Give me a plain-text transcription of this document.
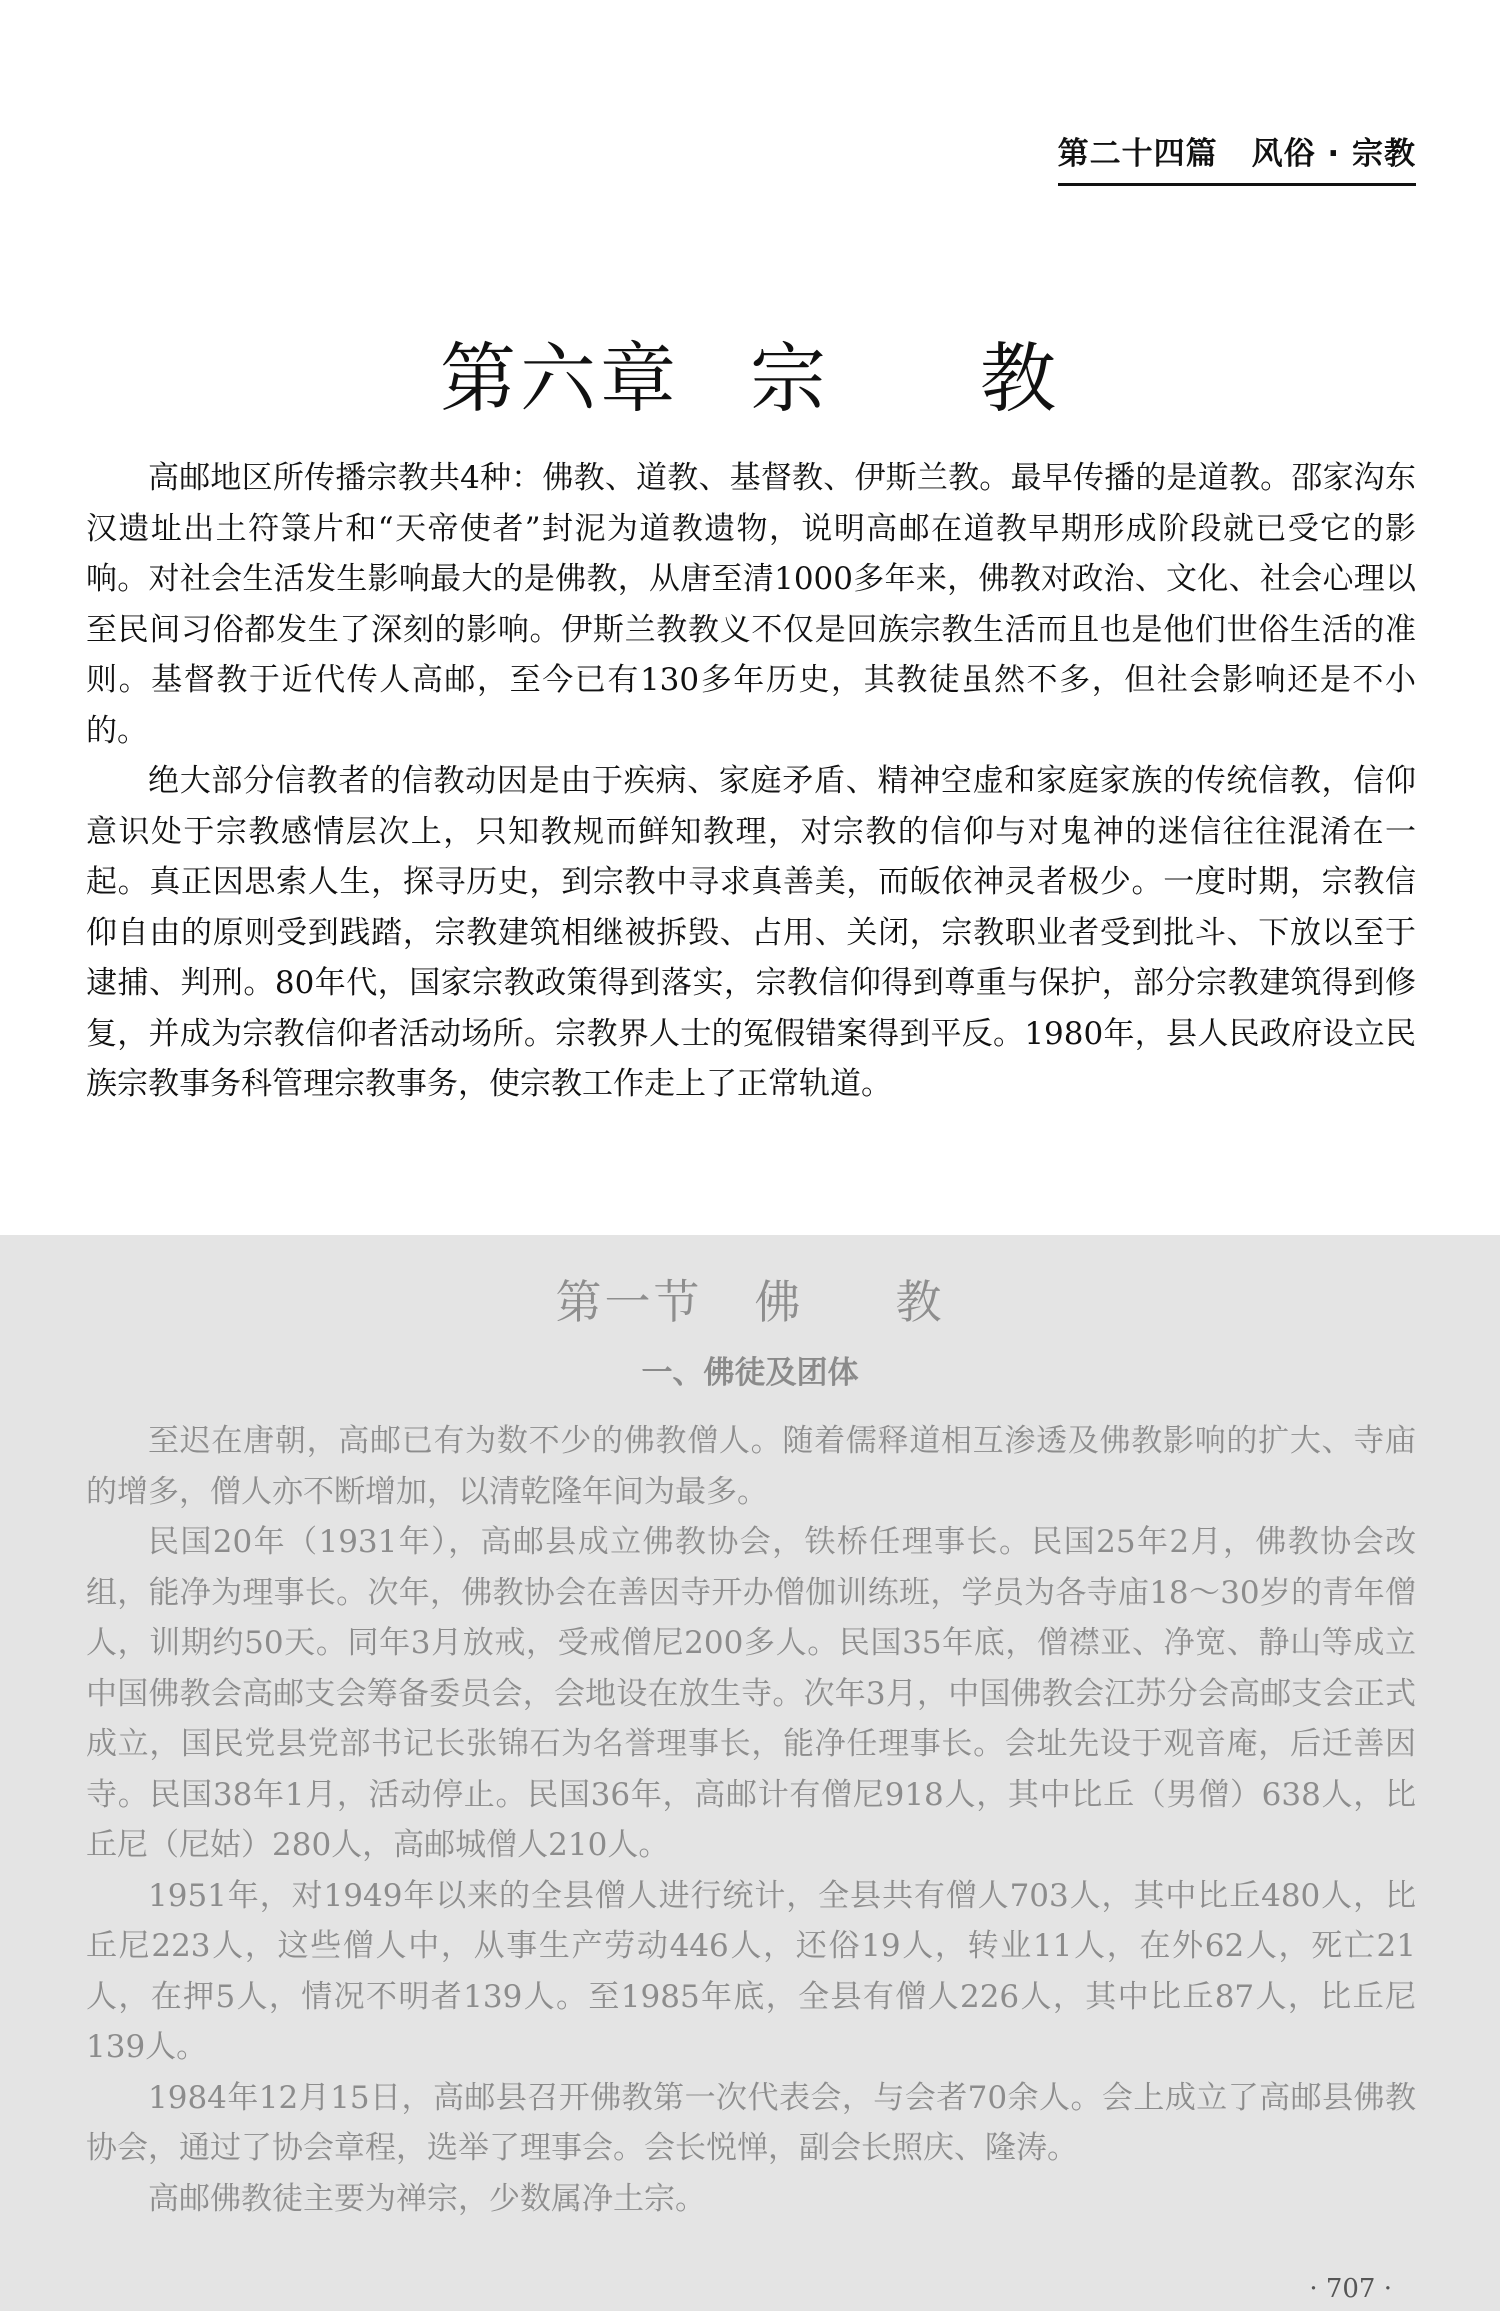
第二十四篇 风俗 · 宗教
第六章 宗 教

高邮地区所传播宗教共4种：佛教、道教、基督教、伊斯兰教。最早传播的是道教。邵家沟东汉遗址出土符箓片和“天帝使者”封泥为道教遗物，说明高邮在道教早期形成阶段就已受它的影响。对社会生活发生影响最大的是佛教，从唐至清1000多年来，佛教对政治、文化、社会心理以至民间习俗都发生了深刻的影响。伊斯兰教教义不仅是回族宗教生活而且也是他们世俗生活的准则。基督教于近代传人高邮，至今已有130多年历史，其教徒虽然不多，但社会影响还是不小的。

绝大部分信教者的信教动因是由于疾病、家庭矛盾、精神空虚和家庭家族的传统信教，信仰意识处于宗教感情层次上，只知教规而鲜知教理，对宗教的信仰与对鬼神的迷信往往混淆在一起。真正因思索人生，探寻历史，到宗教中寻求真善美，而皈依神灵者极少。一度时期，宗教信仰自由的原则受到践踏，宗教建筑相继被拆毁、占用、关闭，宗教职业者受到批斗、下放以至于逮捕、判刑。80年代，国家宗教政策得到落实，宗教信仰得到尊重与保护，部分宗教建筑得到修复，并成为宗教信仰者活动场所。宗教界人士的冤假错案得到平反。1980年，县人民政府设立民族宗教事务科管理宗教事务，使宗教工作走上了正常轨道。

第一节 佛 教
一、佛徒及团体

至迟在唐朝，高邮已有为数不少的佛教僧人。随着儒释道相互渗透及佛教影响的扩大、寺庙的增多，僧人亦不断增加，以清乾隆年间为最多。

民国20年（1931年），高邮县成立佛教协会，铁桥任理事长。民国25年2月，佛教协会改组，能净为理事长。次年，佛教协会在善因寺开办僧伽训练班，学员为各寺庙18～30岁的青年僧人，训期约50天。同年3月放戒，受戒僧尼200多人。民国35年底，僧襟亚、净宽、静山等成立中国佛教会高邮支会筹备委员会，会地设在放生寺。次年3月，中国佛教会江苏分会高邮支会正式成立，国民党县党部书记长张锦石为名誉理事长，能净任理事长。会址先设于观音庵，后迁善因寺。民国38年1月，活动停止。民国36年，高邮计有僧尼918人，其中比丘（男僧）638人，比丘尼（尼姑）280人，高邮城僧人210人。

1951年，对1949年以来的全县僧人进行统计，全县共有僧人703人，其中比丘480人，比丘尼223人，这些僧人中，从事生产劳动446人，还俗19人，转业11人，在外62人，死亡21人，在押5人，情况不明者139人。至1985年底，全县有僧人226人，其中比丘87人，比丘尼139人。

1984年12月15日，高邮县召开佛教第一次代表会，与会者70余人。会上成立了高邮县佛教协会，通过了协会章程，选举了理事会。会长悦惮，副会长照庆、隆涛。

高邮佛教徒主要为禅宗，少数属净土宗。

· 707 ·
